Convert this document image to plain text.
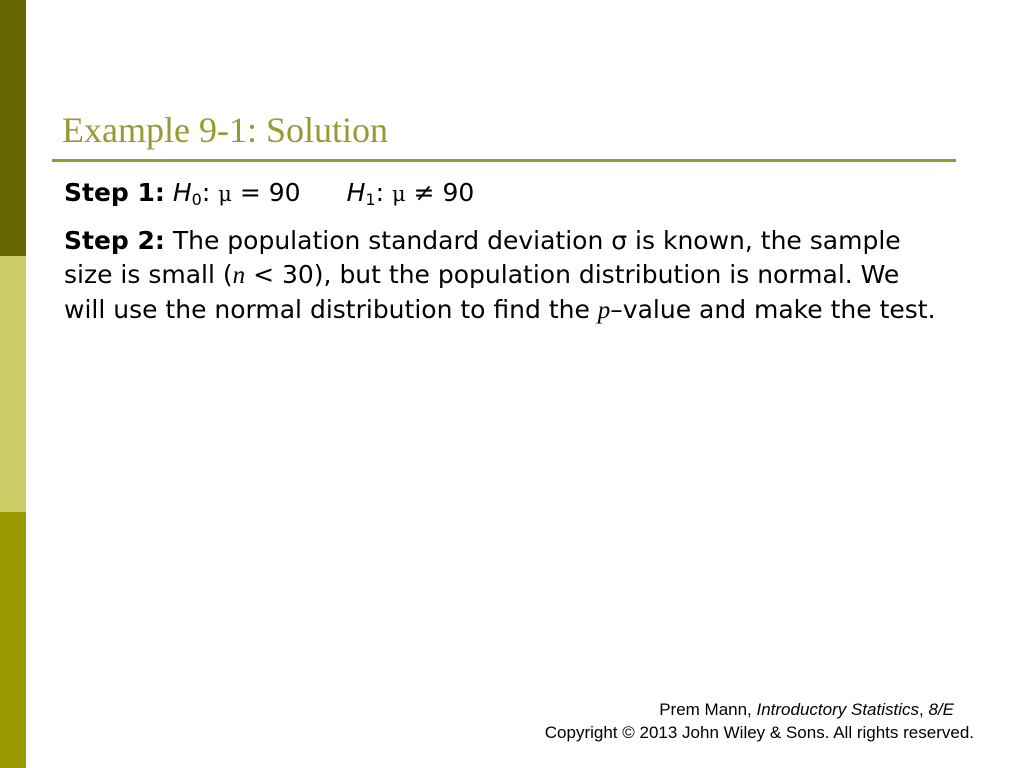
Example 9-1: Solution

Step 1: $H_0$: μ = 90 $H_1$: μ ≠ 90

Step 2: The population standard deviation σ is known, the sample size is small (n < 30), but the population distribution is normal. We will use the normal distribution to find the p–value and make the test.

Prem Mann, Introductory Statistics, 8/E
Copyright © 2013 John Wiley & Sons. All rights reserved.
